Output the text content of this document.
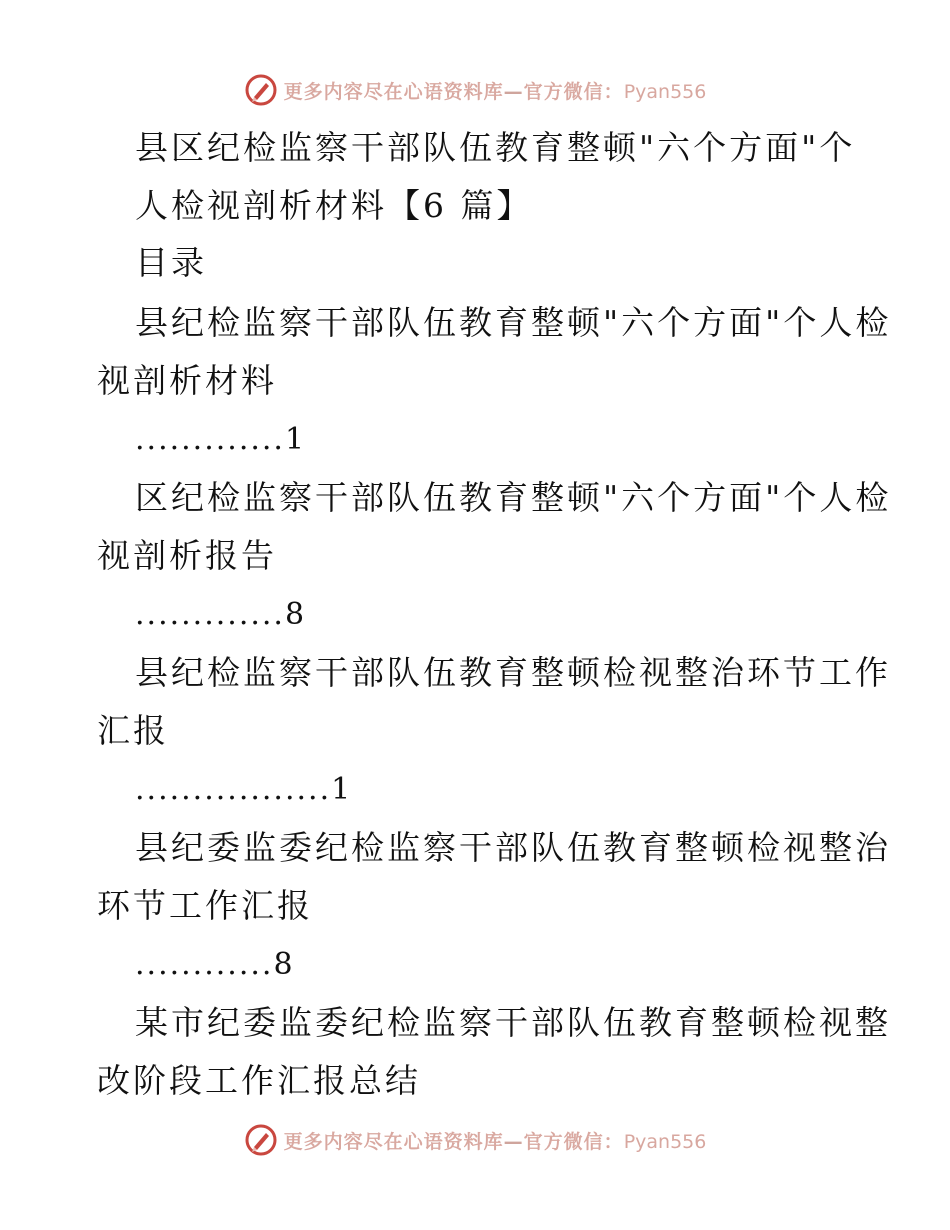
更多内容尽在心语资料库—官方微信：Pyan556
县区纪检监察干部队伍教育整顿"六个方面"个
人检视剖析材料【6 篇】
目录
县纪检监察干部队伍教育整顿"六个方面"个人检
视剖析材料
.............1
区纪检监察干部队伍教育整顿"六个方面"个人检
视剖析报告
.............8
县纪检监察干部队伍教育整顿检视整治环节工作
汇报
.................1
县纪委监委纪检监察干部队伍教育整顿检视整治
环节工作汇报
............8
某市纪委监委纪检监察干部队伍教育整顿检视整
改阶段工作汇报总结
更多内容尽在心语资料库—官方微信：Pyan556
